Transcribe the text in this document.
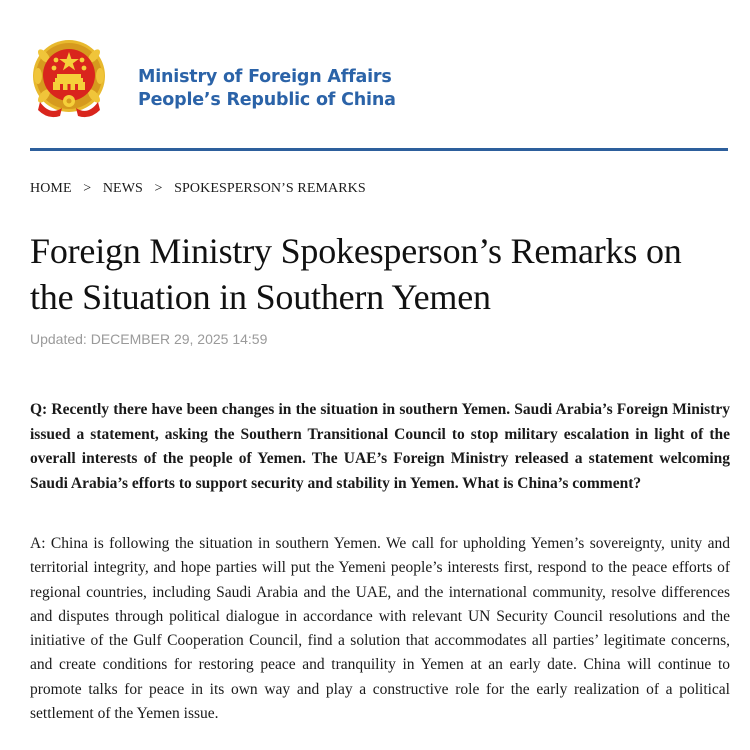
Ministry of Foreign Affairs
People’s Republic of China
HOME > NEWS > SPOKESPERSON’S REMARKS
Foreign Ministry Spokesperson’s Remarks on the Situation in Southern Yemen
Updated: DECEMBER 29, 2025 14:59

Q: Recently there have been changes in the situation in southern Yemen. Saudi Arabia’s Foreign Ministry issued a statement, asking the Southern Transitional Council to stop military escalation in light of the overall interests of the people of Yemen. The UAE’s Foreign Ministry released a statement welcoming Saudi Arabia’s efforts to support security and stability in Yemen. What is China’s comment?

A: China is following the situation in southern Yemen. We call for upholding Yemen’s sovereignty, unity and territorial integrity, and hope parties will put the Yemeni people’s interests first, respond to the peace efforts of regional countries, including Saudi Arabia and the UAE, and the international community, resolve differences and disputes through political dialogue in accordance with relevant UN Security Council resolutions and the initiative of the Gulf Cooperation Council, find a solution that accommodates all parties’ legitimate concerns, and create conditions for restoring peace and tranquility in Yemen at an early date. China will continue to promote talks for peace in its own way and play a constructive role for the early realization of a political settlement of the Yemen issue.
